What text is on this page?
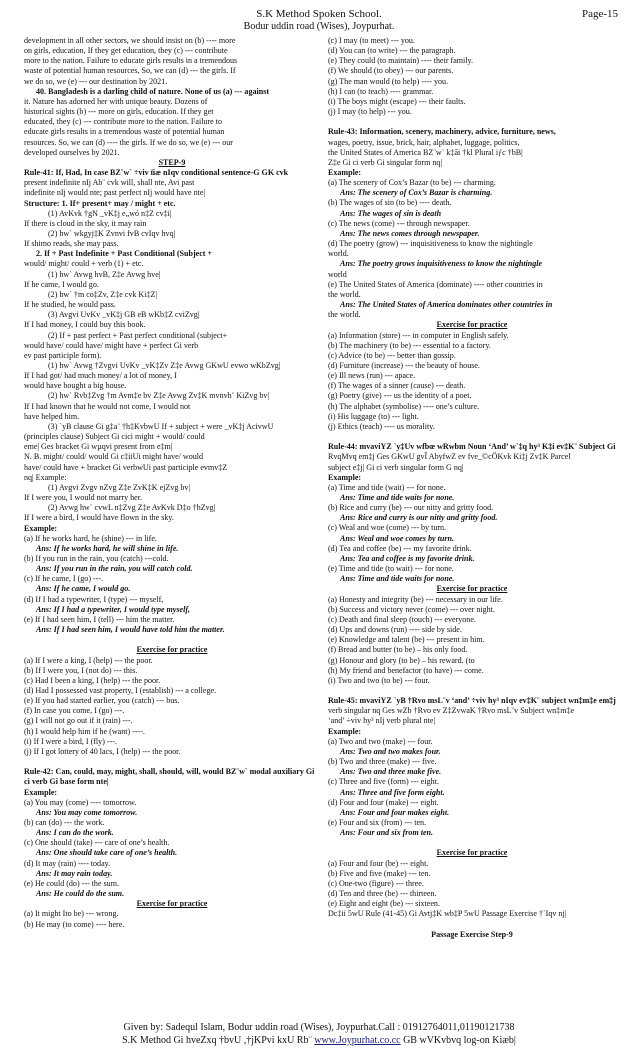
S.K Method Spoken School.	Page-15
Bodur uddin road (Wises), Joypurhat.
development in all other sectors, we should insist on (b) ---- more
on girls, education, If they get education, they (c) --- contribute
more to the nation. Failure to educate girls results in a tremendous
waste of potential human resources, So, we can (d) --- the girls. If
we do so, we (e) --- our destination by 2021.
40. Bangladesh is a darling child of nature. None of us (a) --- against
it. Nature has adorned her with unique beauty. Dozens of
historical sights (b) --- more on girls, education. If they get
educated, they (c) --- contribute more to the nation. Failure to
educate girls results in a tremendous waste of potential human
resources. So, we can (d) ---- the girls. If we do so, we (e) --- our
developed ourselves by 2021.
STEP-9
Rule-41: If, Had, In case BZ¨w` ÷viv ïiæ nIqv conditional sentence-G GK cvk
present indefinite nIj Ab¨ cvk will, shall nte, Avi past
indefinite nIj would nte; past perfect nIj would have nte|
Structure: 1. If+ present+ may / might + etc.
(1) AvKvk †gN _vK‡j e„wó n‡Z cv‡i|
If there is cloud in the sky, it may rain
(2) hw` wkgyj‡K Zvnvi fvB cvIqv hvq|
If shimo reads, she may pass.
2. If + Past Indefinite + Past Conditional (Subject +
would/ might/ could + verb (1) + etc.
(1) hw` Avwg hvB, Z‡e Avwg hve|
If he came, I would go.
(2) hw` †m co‡Zv, Z‡e cvk Ki‡Z|
If he studied, he would pass.
(3) Avgvi UvKv _vK‡j GB eB wKb‡Z cviZvg|
If I had money, I could buy this book.
(2) If + past perfect + Past perfect conditional (subject+
would have/ could have/ might have + perfect Gi verb
ev past participle form).
(1) hw` Avwg †Zvgvi UvKv _vK‡Zv Z‡e Avwg GKwU evwo wKbZvg|
If I had got/ had much money/ a lot of money, I
would have bought a big house.
(2) hw` Rvb‡Zvg †m Avm‡e bv Z‡e Avwg Zv‡K mvnvh¨ KiZvg bv|
If I had known that he would not come, I would not
have helped him.
(3) `yB clause Gi g‡a¨ †h‡KvbwU If + subject + were _vK‡j AcivwU
(principles clause) Subject Gi cici might + would/ could
eme| Ges bracket Gi wµqvi present from e‡m|
N. B. might/ could/ would Gi c‡iiUi might have/ would
have/ could have + bracket Gi verbwUi past participle evmv‡Z
nq| Example:
(1) Avgvi Zvgv nZvg Z‡e ZvK‡K ejZvg bv|
If I were you, I would not marry her.
(2) Avwg hw` cvwL n‡Zvg Z‡e AvKvk D‡o †hZvg|
If I were a bird, I would have flown in the sky.
Example:
(a) If he works hard, he (shine) --- in life.
Ans: If he works hard, he will shine in life.
(b) If you run in the rain, you (catch) ---cold.
Ans: If you run in the rain, you will catch cold.
(c) If he came, I (go) ---.
Ans: If he came, I would go.
(d) If I had a typewriter, I (type) --- myself,
Ans: If I had a typewriter, I would type myself,
(e) If I had seen him, I (tell) --- him the matter.
Ans: If I had seen him, I would have told him the matter.
Exercise for practice
(a) If I were a king, I (help) --- the poor.
(b) If I were you, I (not do) --- this.
(c) Had I been a king, I (help) --- the poor.
(d) Had I possessed vast property, I (establish) --- a college.
(e) If you had started earlier, you (catch) --- bus.
(f) In case you come, I (go) ---.
(g) I will not go out if it (rain) ---.
(h) I would help him if he (want) ----.
(i) If I were a bird, I (fly) ---.
(j) If I got lottery of 40 lacs, I (help) --- the poor.
Rule-42: Can, could, may, might, shall, should, will, would BZ¨w` modal auxiliary Gi ci verb Gi base form nte|
Example:
(a) You may (come) ---- tomorrow.
Ans: You may come tomorrow.
(b) can (do) --- the work.
Ans: I can do the work.
(c) One should (take) --- care of one’s health.
Ans: One should take care of one’s health.
(d) It may (rain) ---- today.
Ans: It may rain today.
(e) He could (do) --- the sum.
Ans: He could do the sum.
Exercise for practice
(a) It might Ito be) --- wrong.
(b) He may (to come) ---- here.
(c) I may (to meet) --- you.
(d) You can (to write) --- the paragraph.
(e) They could (to maintain) ---- their family.
(f) We should (to obey) --- our parents.
(g) The man would (to help) ---- you.
(h) I can (to teach) ---- grammar.
(i) The boys might (escape) --- their faults.
(j) I may (to help) --- you.
Rule-43: Information, scenery, machinery, advice, furniture, news,
wages, poetry, issue, brick, hair, alphabet, luggage, politics,
the United States of America BZ¨w` k‡ãi †kl Plural iƒc †bB|
Z‡e Gi ci verb Gi singular form nq|
Example:
(a) The scenery of Cox’s Bazar (to be) --- charming.
Ans: The scenery of Cox’s Bazar is charming.
(b) The wages of sin (to be) ---- death.
Ans: The wages of sin is death
(c) The news (come) --- through newspaper.
Ans: The news comes through newspaper.
(d) The poetry (grow) --- inquisitiveness to know the nightingle
world.
Ans: The poetry grows inquisitiveness to know the nightingle
world
(e) The United States of America (dominate) ---- other countries in
the world.
Ans: The United States of America dominates other countries in
the world.
Exercise for practice
(a) Information (store) --- in computer in English safely.
(b) The machinery (to be) --- essential to a factory.
(c) Advice (to be) --- better than gossip.
(d) Furniture (increase) --- the beauty of house.
(e) Ill news (run) --- apace.
(f) The wages of a sinner (cause) --- death.
(g) Poetry (give) --- us the identity of a poet.
(h) The alphabet (symbolise) ---- one’s culture.
(i) His luggage (to) --- light.
(j) Ethics (teach) ---- us morality.
Rule-44: mvaviYZ `y‡Uv wfbœ wRwbm Noun ‘And’ w`‡q hy³ K‡i ev‡K¨ Subject Gi
RvqMvq em‡j Ges GKwU gvÎ AbyfwZ ev fve_©cÖKvk Ki‡j Zv‡K Parcel
subject e‡j| Gi ci verb singular form G nq|
Example:
(a) Time and tide (wait) --- for none.
Ans: Time and tide waits for none.
(b) Rice and curry (be) --- our nitty and gritty food.
Ans: Rice and curry is our nitty and gritty food.
(c) Weal and woe (come) --- by turn.
Ans: Weal and woe comes by turn.
(d) Tea and coffee (be) --- my favorite drink.
Ans: Tea and coffee is my favorite drink.
(e) Time and tide (to wait) --- for none.
Ans: Time and tide waits for none.
Exercise for practice
(a) Honesty and integrity (be) --- necessary in our life.
(b) Success and victory never (come) --- over night.
(c) Death and final sleep (touch) --- everyone.
(d) Ups and downs (run) ---- side by side.
(e) Knowledge and talent (be) --- present in him.
(f) Bread and butter (to be) – his only food.
(g) Honour and glory (to be) – his reward. (to
(h) My friend and benefactor (to have) --- come.
(i) Two and two (to be) --- four.
Rule-45: mvaviYZ `yB †Rvo msL¨v ‘and’ ÷viv hy³ nIqv ev‡K¨ subject wn‡m‡e em‡j
verb singular nq Ges wZb †Rvo ev Z‡ZvwaK †Rvo msL¨v Subject wn‡m‡e
‘and’ ÷viv hy³ nIj verb plural nte|
Example:
(a) Two and two (make) --- four.
Ans: Two and two makes four.
(b) Two and three (make) --- five.
Ans: Two and three make five.
(c) Three and five (form) --- eight.
Ans: Three and five form eight.
(d) Four and four (make) --- eight.
Ans: Four and four makes eight.
(e) Four and six (from) --- ten.
Ans: Four and six from ten.
Exercise for practice
(a) Four and four (be) --- eight.
(b) Five and five (make) --- ten.
(c) One-two (figure) --- three.
(d) Ten and three (be) --- thirteen.
(e) Eight and eight (be) --- sixteen.
Dc‡ii 5wU Rule (41-45) Gi Avtj‡K wb‡P 5wU Passage Exercise †`Iqv nj|
Passage Exercise Step-9
Given by: Sadequl Islam, Bodur uddin road (Wises), Joypurhat.Call : 01912764011,01190121738
S.K Method Gi hveZxq †bvU ,†jKPvi kxU Rb¨ www.Joypurhat.co.cc GB wVKvbvq log-on Kiæb|
